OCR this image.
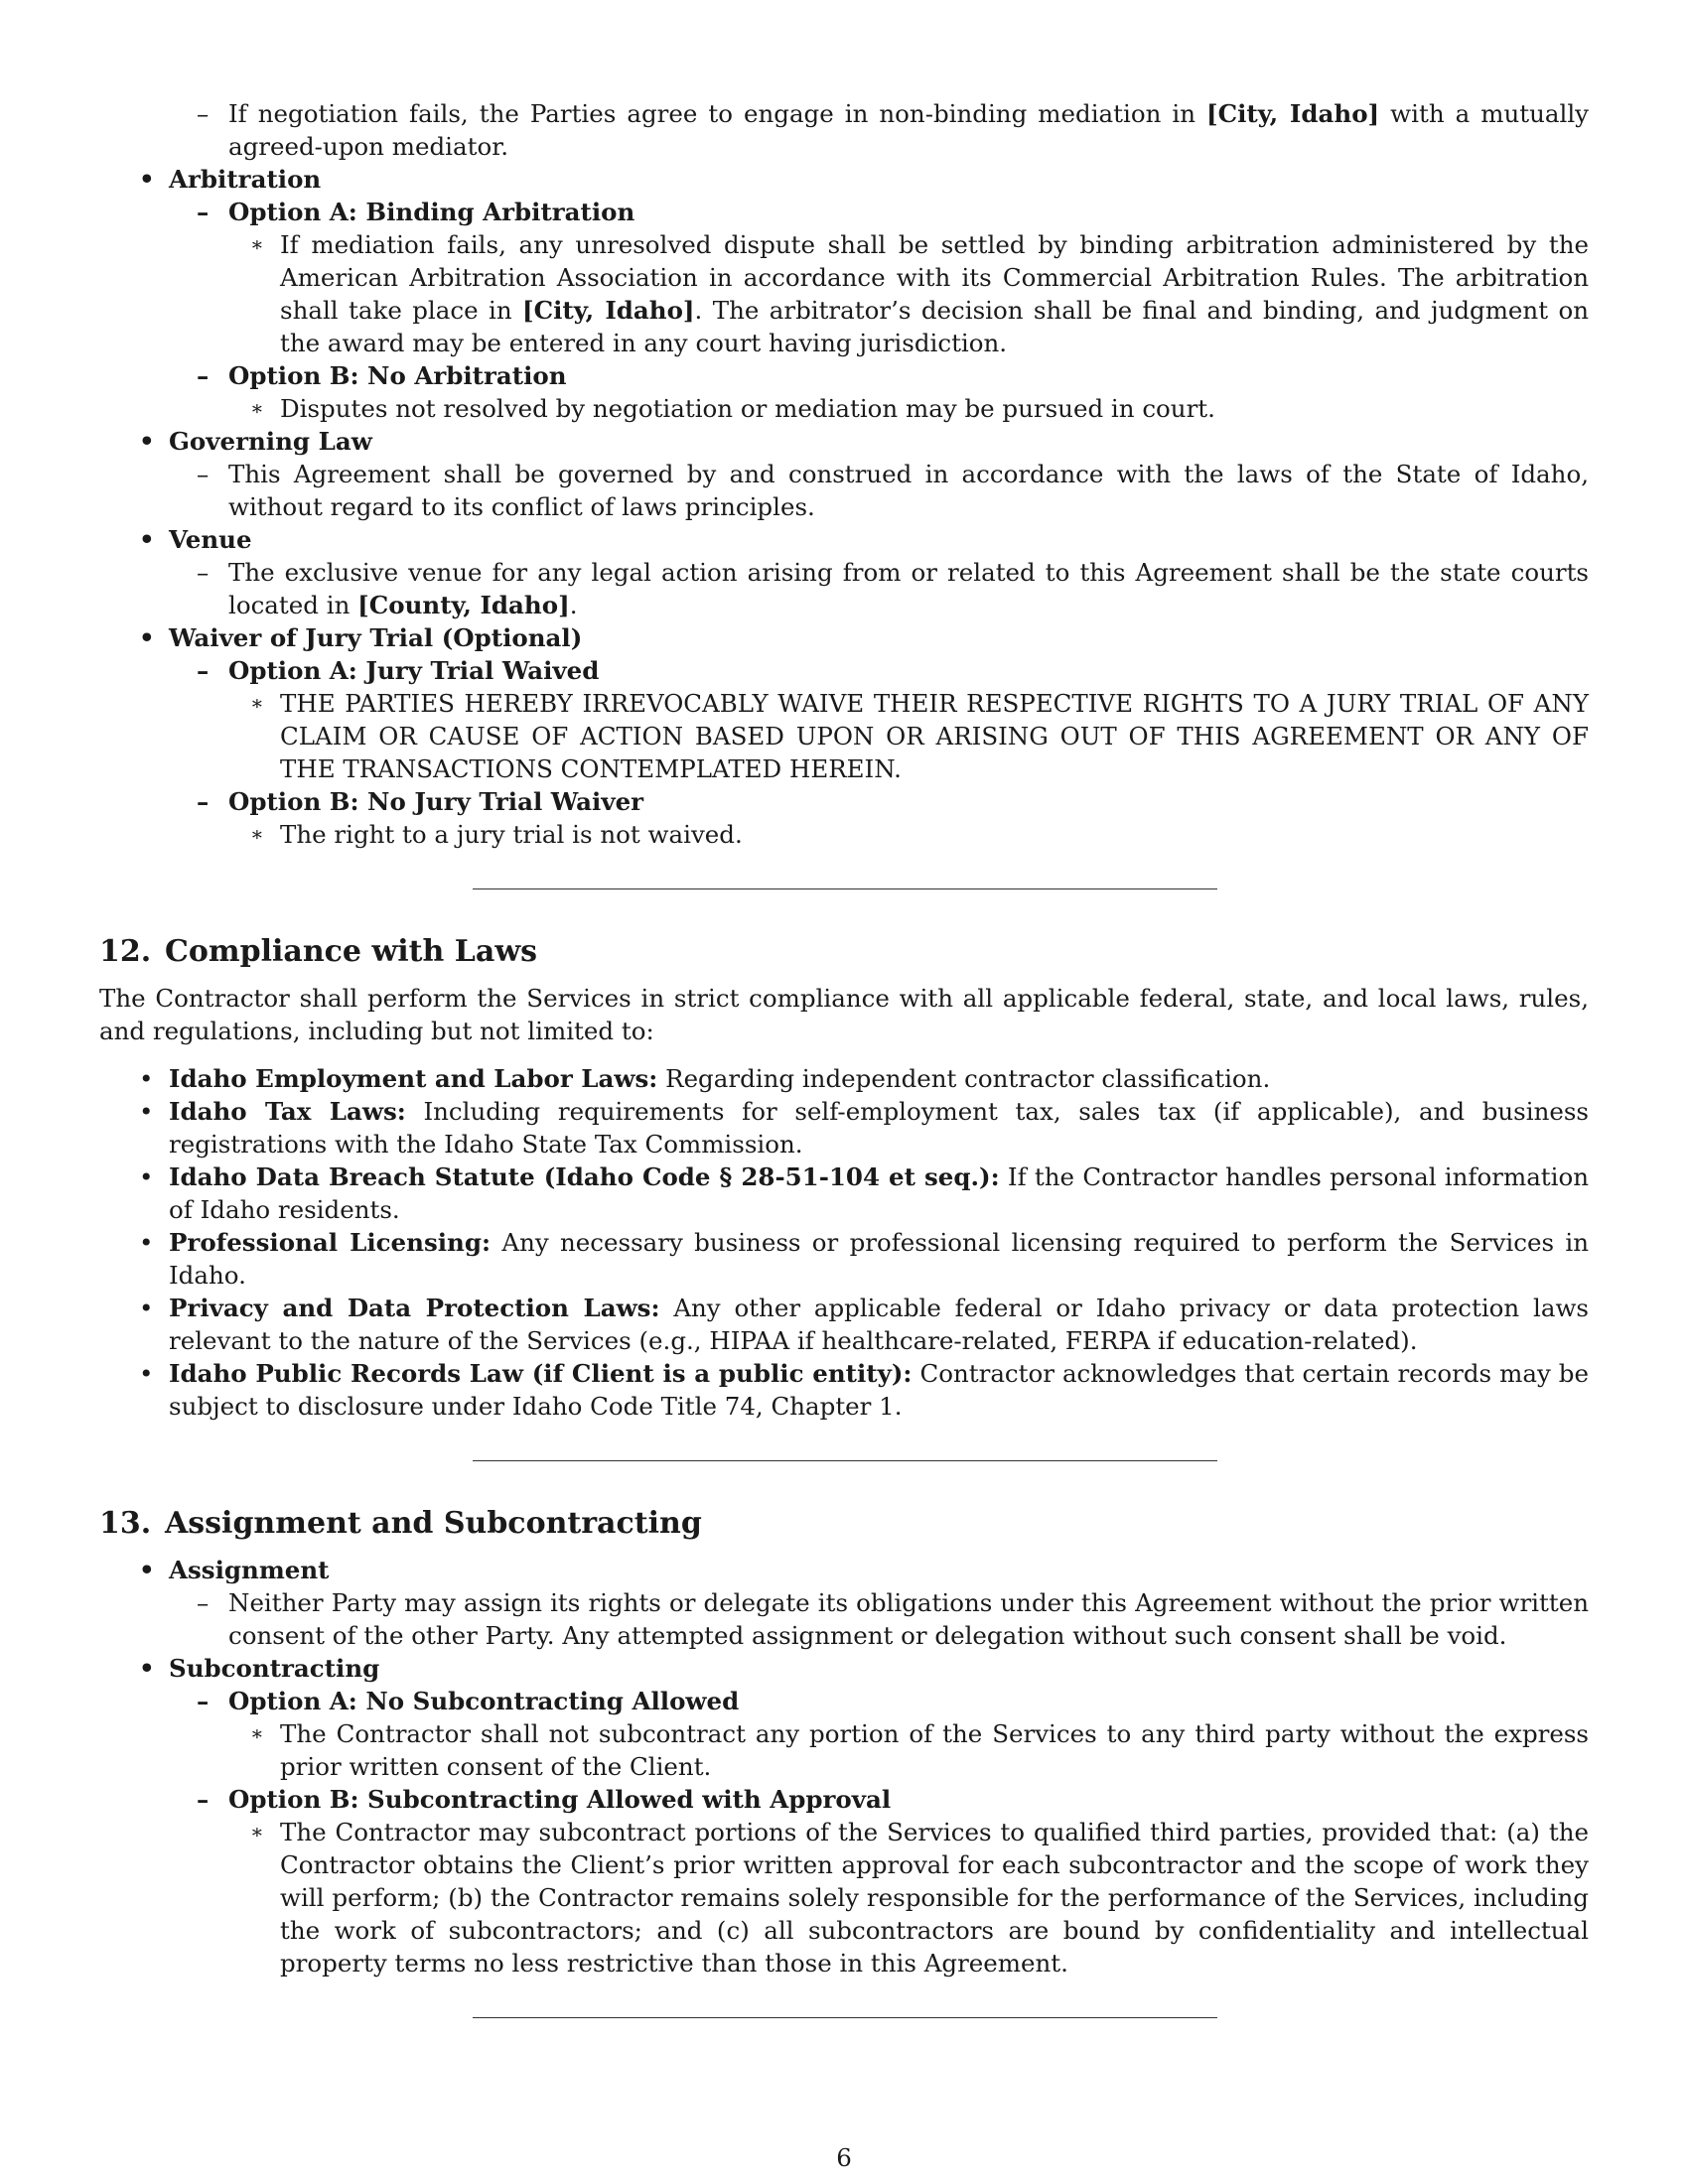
– If negotiation fails, the Parties agree to engage in non-binding mediation in [City, Idaho] with a mutually agreed-upon mediator.
• Arbitration
– Option A: Binding Arbitration
∗ If mediation fails, any unresolved dispute shall be settled by binding arbitration administered by the American Arbitration Association in accordance with its Commercial Arbitration Rules. The arbitration shall take place in [City, Idaho]. The arbitrator’s decision shall be final and binding, and judgment on the award may be entered in any court having jurisdiction.
– Option B: No Arbitration
∗ Disputes not resolved by negotiation or mediation may be pursued in court.
• Governing Law
– This Agreement shall be governed by and construed in accordance with the laws of the State of Idaho, without regard to its conflict of laws principles.
• Venue
– The exclusive venue for any legal action arising from or related to this Agreement shall be the state courts located in [County, Idaho].
• Waiver of Jury Trial (Optional)
– Option A: Jury Trial Waived
∗ THE PARTIES HEREBY IRREVOCABLY WAIVE THEIR RESPECTIVE RIGHTS TO A JURY TRIAL OF ANY CLAIM OR CAUSE OF ACTION BASED UPON OR ARISING OUT OF THIS AGREEMENT OR ANY OF THE TRANSACTIONS CONTEMPLATED HEREIN.
– Option B: No Jury Trial Waiver
∗ The right to a jury trial is not waived.
12. Compliance with Laws

The Contractor shall perform the Services in strict compliance with all applicable federal, state, and local laws, rules, and regulations, including but not limited to:

• Idaho Employment and Labor Laws: Regarding independent contractor classification.
• Idaho Tax Laws: Including requirements for self-employment tax, sales tax (if applicable), and business registrations with the Idaho State Tax Commission.
• Idaho Data Breach Statute (Idaho Code § 28-51-104 et seq.): If the Contractor handles personal information of Idaho residents.
• Professional Licensing: Any necessary business or professional licensing required to perform the Services in Idaho.
• Privacy and Data Protection Laws: Any other applicable federal or Idaho privacy or data protection laws relevant to the nature of the Services (e.g., HIPAA if healthcare-related, FERPA if education-related).
• Idaho Public Records Law (if Client is a public entity): Contractor acknowledges that certain records may be subject to disclosure under Idaho Code Title 74, Chapter 1.
13. Assignment and Subcontracting
• Assignment
– Neither Party may assign its rights or delegate its obligations under this Agreement without the prior written consent of the other Party. Any attempted assignment or delegation without such consent shall be void.
• Subcontracting
– Option A: No Subcontracting Allowed
∗ The Contractor shall not subcontract any portion of the Services to any third party without the express prior written consent of the Client.
– Option B: Subcontracting Allowed with Approval
∗ The Contractor may subcontract portions of the Services to qualified third parties, provided that: (a) the Contractor obtains the Client’s prior written approval for each subcontractor and the scope of work they will perform; (b) the Contractor remains solely responsible for the performance of the Services, including the work of subcontractors; and (c) all subcontractors are bound by confidentiality and intellectual property terms no less restrictive than those in this Agreement.
6
